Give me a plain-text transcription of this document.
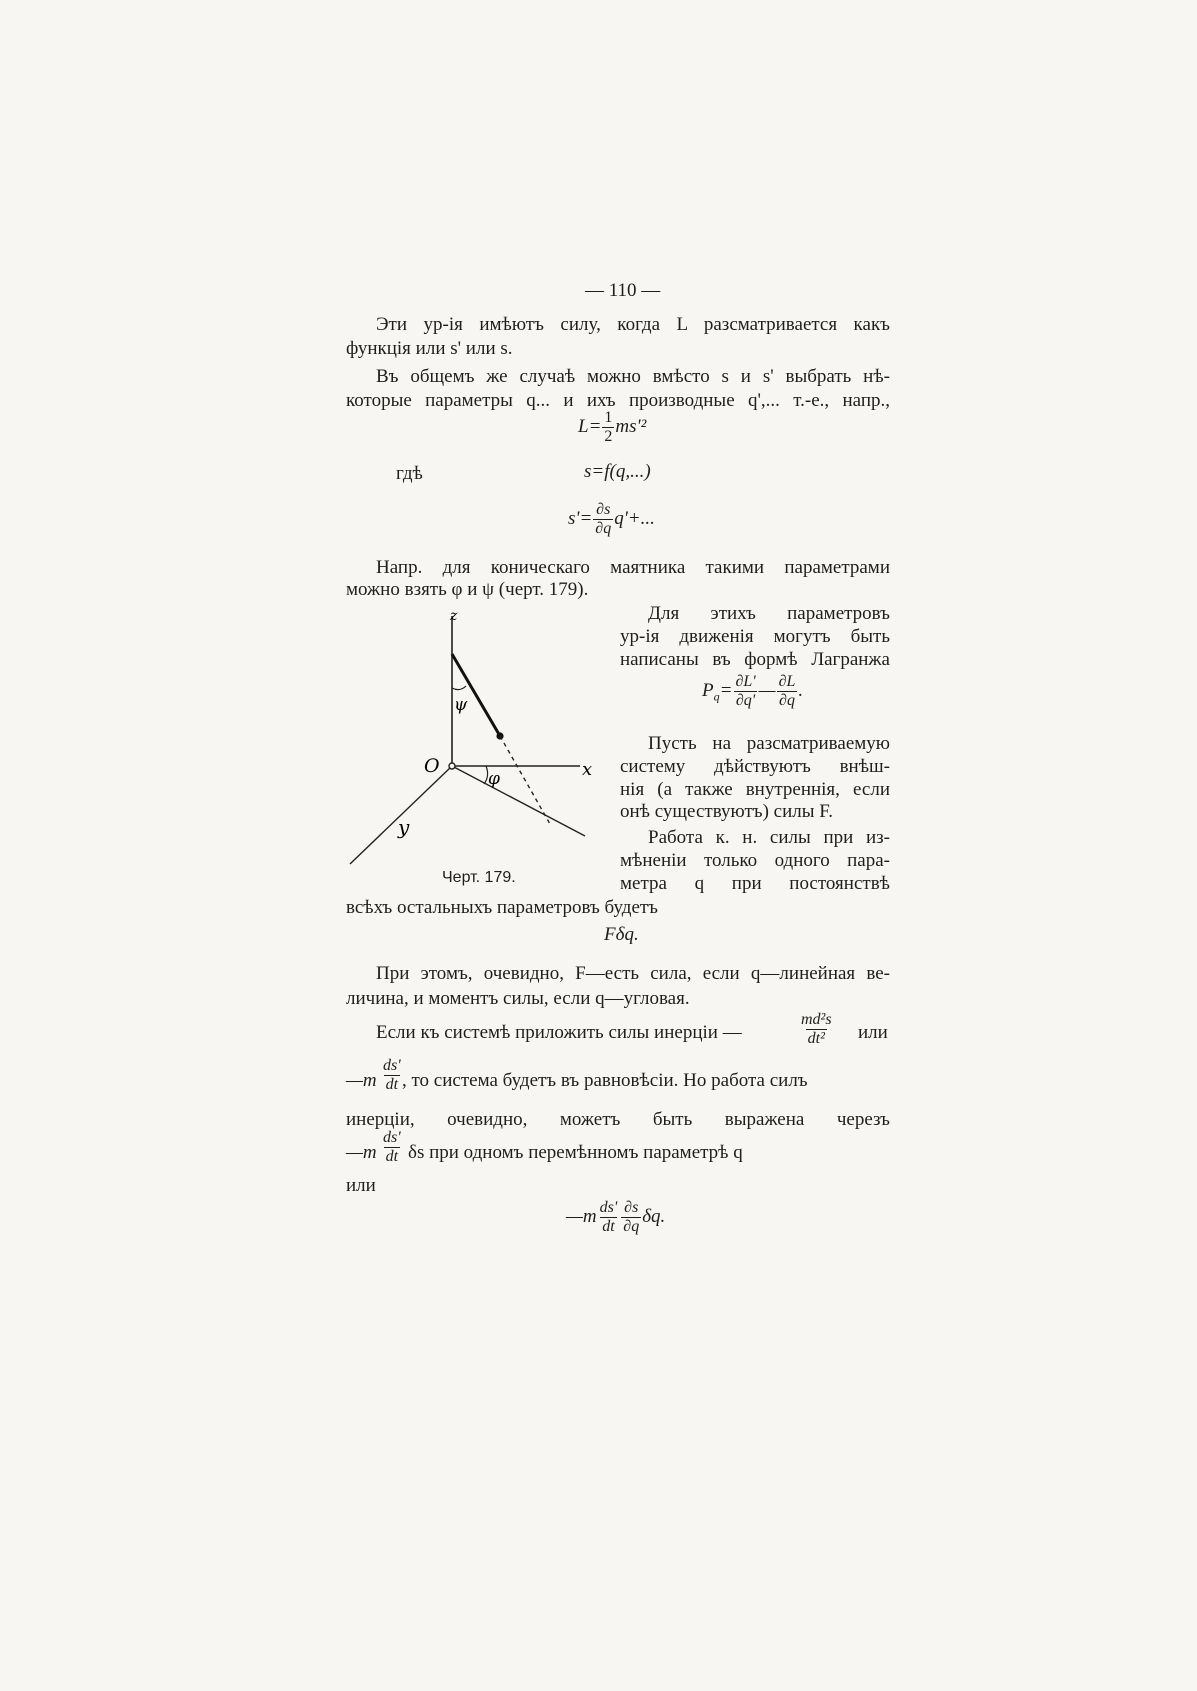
— 110 —
Эти ур-ія имѣютъ силу, когда L разсматривается какъ
функція или s' или s.
Въ общемъ же случаѣ можно вмѣсто s и s' выбрать нѣ-
которые параметры q... и ихъ производные q',... т.-е., напр.,
$L= \frac{1}{2} ms'^2$
гдѣ	s=f(q,...)
$s'= \frac{\partial s}{\partial q} q'+$...
Напр. для коническаго маятника такими параметрами
можно взять φ и ψ (черт. 179).
z
x
y
O
ψ
φ
Черт. 179.
Для этихъ параметровъ
ур-ія движенія могутъ быть
написаны въ формѣ Лагранжа
$P_q= \frac{\partial L'}{\partial q'}$ — $\frac{\partial L}{\partial q}$ .
Пусть на разсматриваемую
систему дѣйствуютъ внѣш-
нія (а также внутреннія, если
онѣ существуютъ) силы F.
Работа к. н. силы при из-
мѣненіи только одного пара-
метра q при постоянствѣ
всѣхъ остальныхъ параметровъ будетъ
Fδq.
При этомъ, очевидно, F—есть сила, если q—линейная ве-
личина, и моментъ силы, если q—угловая.
Если къ системѣ приложить силы инерціи —	$\frac{\text{md²s}}{\text{dt²}}$ или
—m $\frac{ds'}{dt}$ , то система будетъ въ равновѣсіи. Но работа силъ
инерціи, очевидно, можетъ быть выражена черезъ
—m $\frac{ds'}{dt}$ δs при одномъ перемѣнномъ параметрѣ q
или
—m $\frac{ds'}{dt} \frac{\partial s}{\partial q} \delta q$.
